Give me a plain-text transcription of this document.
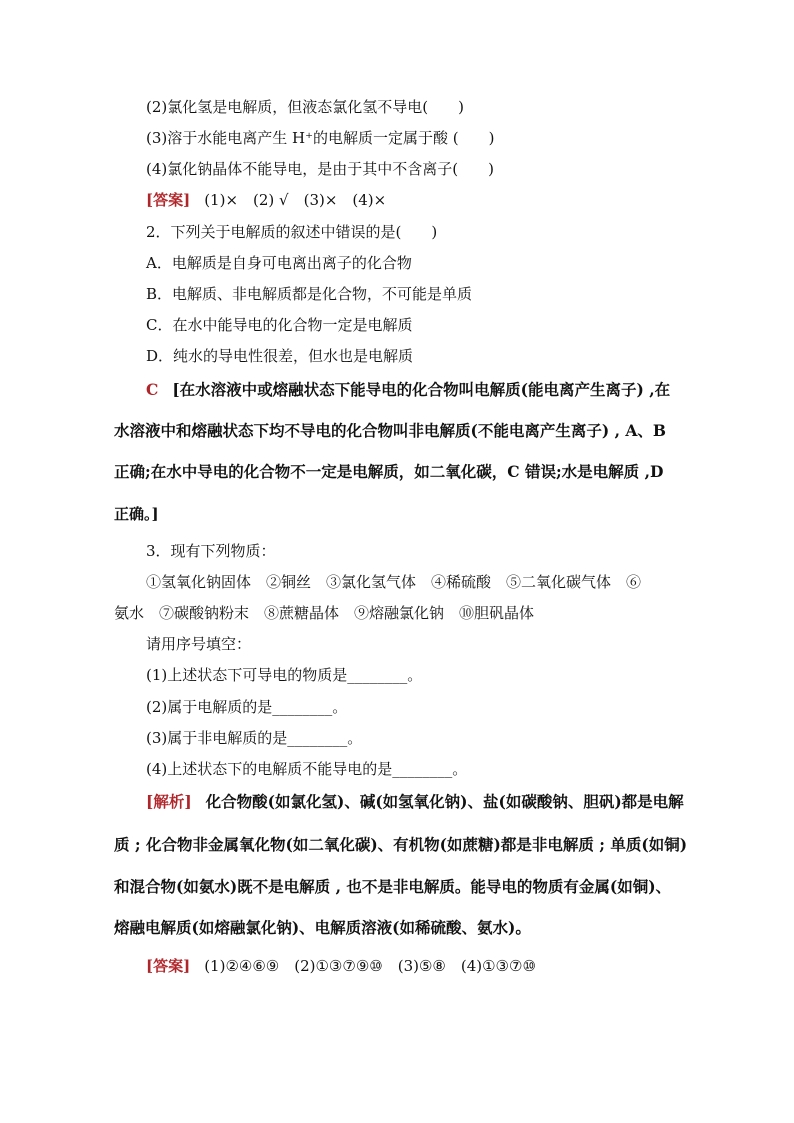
(2)氯化氢是电解质，但液态氯化氢不导电(　　)
(3)溶于水能电离产生 H⁺的电解质一定属于酸 (　　)
(4)氯化钠晶体不能导电，是由于其中不含离子(　　)
[答案] (1)×　(2) √　(3)×　(4)×
2．下列关于电解质的叙述中错误的是(　　)
A．电解质是自身可电离出离子的化合物
B．电解质、非电解质都是化合物，不可能是单质
C．在水中能导电的化合物一定是电解质
D．纯水的导电性很差，但水也是电解质
C [在水溶液中或熔融状态下能导电的化合物叫电解质(能电离产生离子) ,在
水溶液中和熔融状态下均不导电的化合物叫非电解质(不能电离产生离子) , A、B
正确;在水中导电的化合物不一定是电解质，如二氧化碳，C 错误;水是电解质 ,D
正确。]
3．现有下列物质：
①氢氧化钠固体　②铜丝　③氯化氢气体　④稀硫酸　⑤二氧化碳气体　⑥
氨水　⑦碳酸钠粉末　⑧蔗糖晶体　⑨熔融氯化钠　⑩胆矾晶体
请用序号填空：
(1)上述状态下可导电的物质是________。
(2)属于电解质的是________。
(3)属于非电解质的是________。
(4)上述状态下的电解质不能导电的是________。
[解析] 化合物酸(如氯化氢)、碱(如氢氧化钠)、盐(如碳酸钠、胆矾)都是电解
质 ; 化合物非金属氧化物(如二氧化碳)、有机物(如蔗糖)都是非电解质 ; 单质(如铜)
和混合物(如氨水)既不是电解质 , 也不是非电解质。能导电的物质有金属(如铜)、
熔融电解质(如熔融氯化钠)、电解质溶液(如稀硫酸、氨水)。
[答案] (1)②④⑥⑨　(2)①③⑦⑨⑩　(3)⑤⑧　(4)①③⑦⑩
